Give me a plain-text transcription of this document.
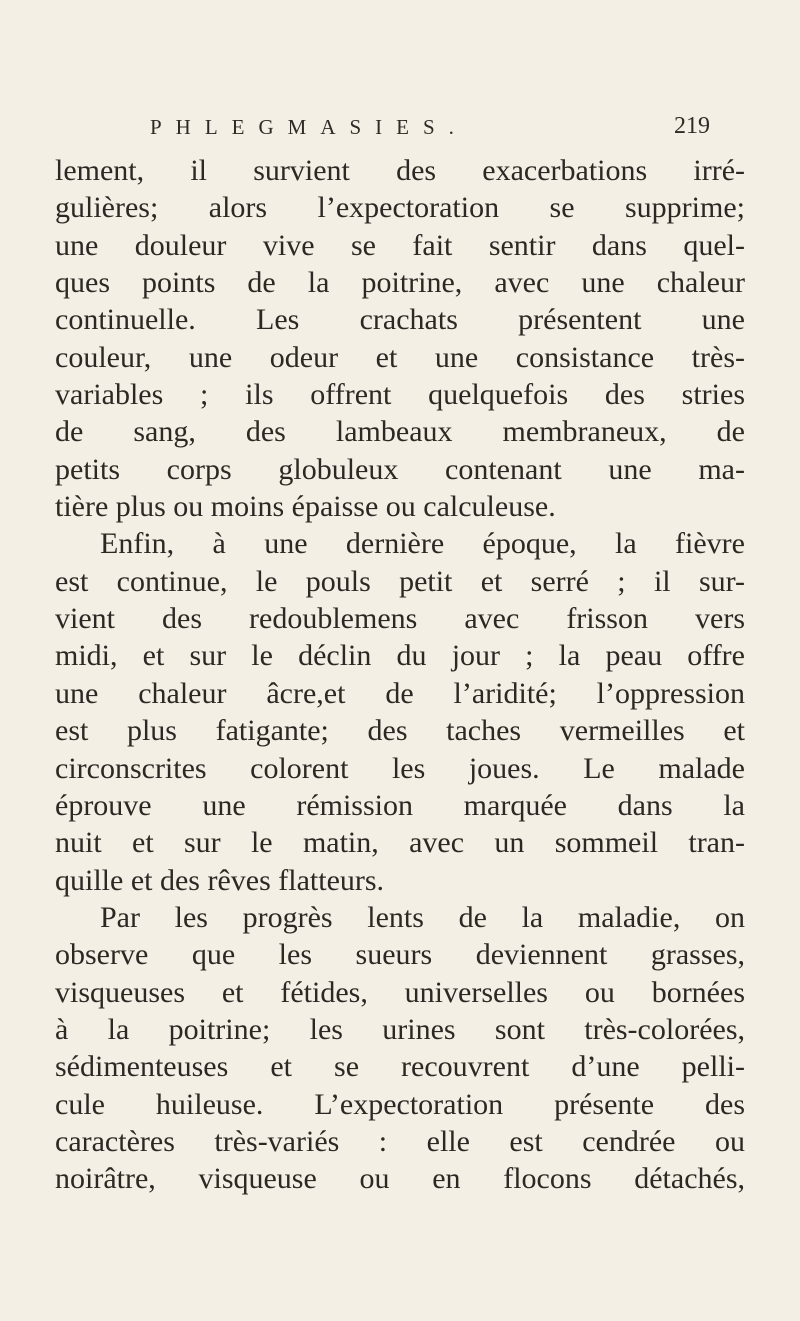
PHLEGMASIES.	219
lement, il survient des exacerbations irré-
gulières; alors l’expectoration se supprime;
une douleur vive se fait sentir dans quel-
ques points de la poitrine, avec une chaleur
continuelle. Les crachats présentent une
couleur, une odeur et une consistance très-
variables ; ils offrent quelquefois des stries
de sang, des lambeaux membraneux, de
petits corps globuleux contenant une ma-
tière plus ou moins épaisse ou calculeuse.
Enfin, à une dernière époque, la fièvre
est continue, le pouls petit et serré ; il sur-
vient des redoublemens avec frisson vers
midi, et sur le déclin du jour ; la peau offre
une chaleur âcre,et de l’aridité; l’oppression
est plus fatigante; des taches vermeilles et
circonscrites colorent les joues. Le malade
éprouve une rémission marquée dans la
nuit et sur le matin, avec un sommeil tran-
quille et des rêves flatteurs.
Par les progrès lents de la maladie, on
observe que les sueurs deviennent grasses,
visqueuses et fétides, universelles ou bornées
à la poitrine; les urines sont très-colorées,
sédimenteuses et se recouvrent d’une pelli-
cule huileuse. L’expectoration présente des
caractères très-variés : elle est cendrée ou
noirâtre, visqueuse ou en flocons détachés,
